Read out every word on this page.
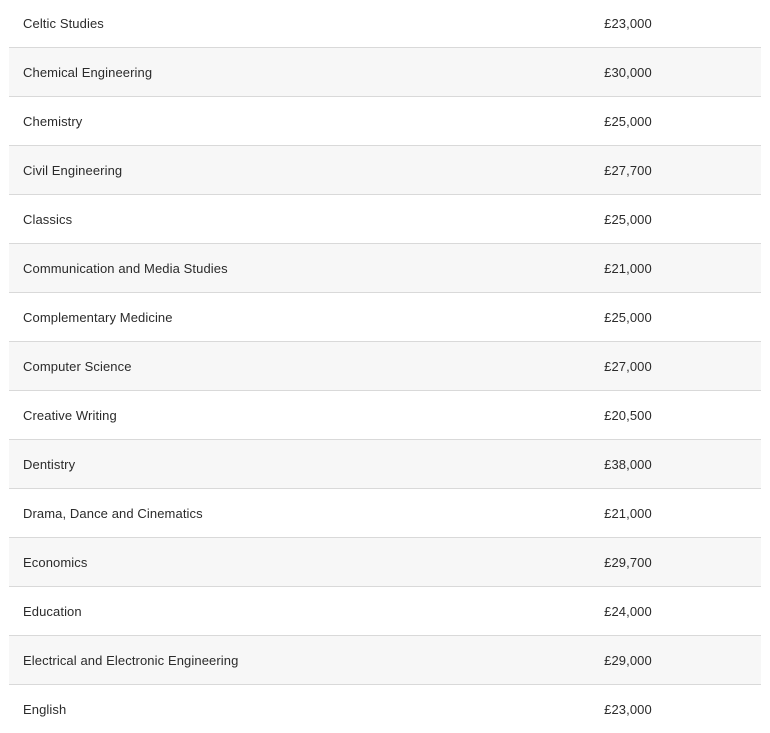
Celtic Studies	£23,000
Chemical Engineering	£30,000
Chemistry	£25,000
Civil Engineering	£27,700
Classics	£25,000
Communication and Media Studies	£21,000
Complementary Medicine	£25,000
Computer Science	£27,000
Creative Writing	£20,500
Dentistry	£38,000
Drama, Dance and Cinematics	£21,000
Economics	£29,700
Education	£24,000
Electrical and Electronic Engineering	£29,000
English	£23,000
